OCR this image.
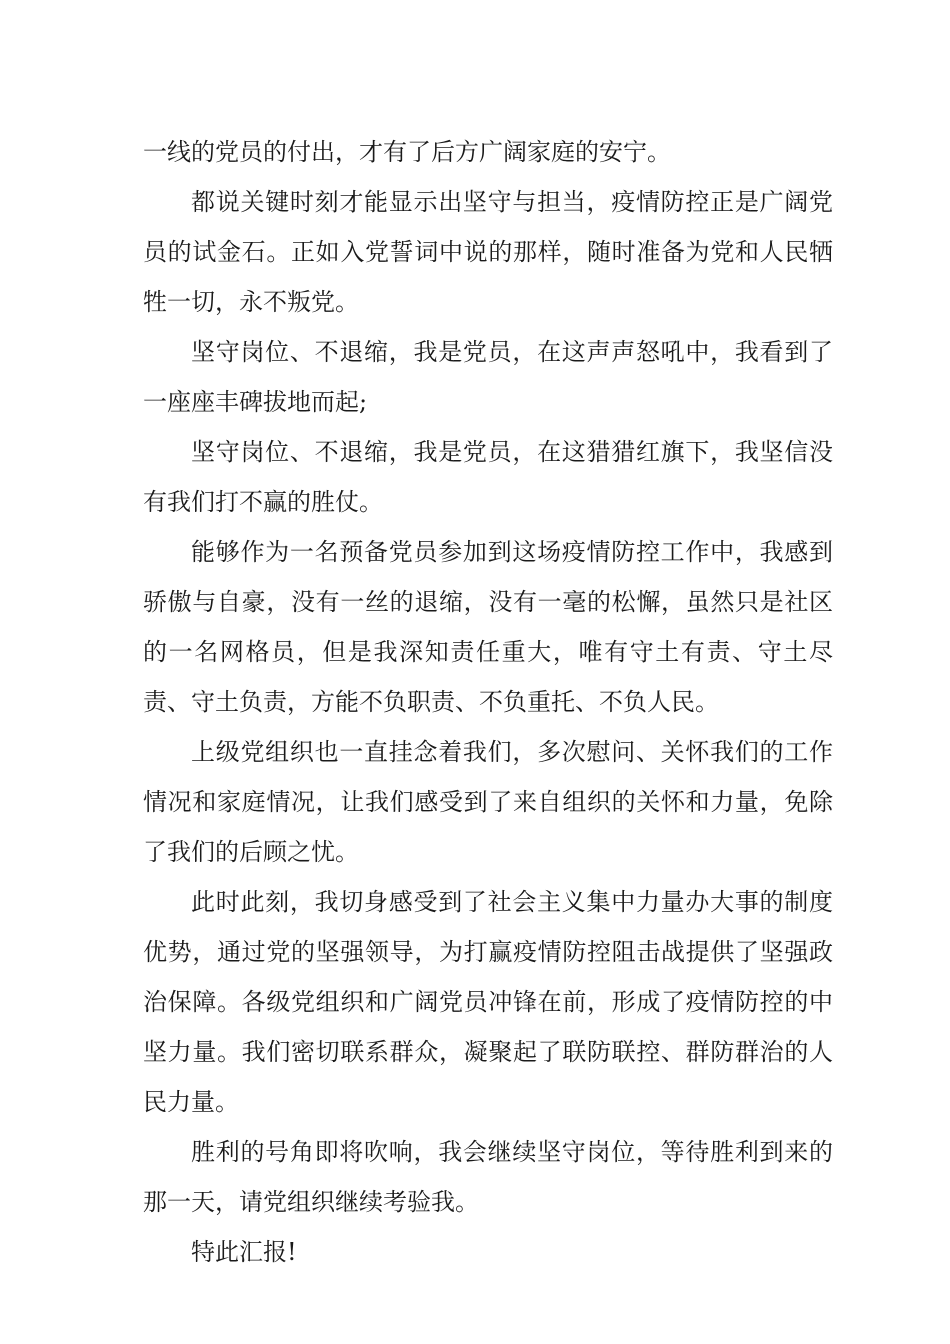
一线的党员的付出，才有了后方广阔家庭的安宁。

都说关键时刻才能显示出坚守与担当，疫情防控正是广阔党员的试金石。正如入党誓词中说的那样，随时准备为党和人民牺牲一切，永不叛党。

坚守岗位、不退缩，我是党员，在这声声怒吼中，我看到了一座座丰碑拔地而起;

坚守岗位、不退缩，我是党员，在这猎猎红旗下，我坚信没有我们打不赢的胜仗。

能够作为一名预备党员参加到这场疫情防控工作中，我感到骄傲与自豪，没有一丝的退缩，没有一毫的松懈，虽然只是社区的一名网格员，但是我深知责任重大，唯有守土有责、守土尽责、守土负责，方能不负职责、不负重托、不负人民。

上级党组织也一直挂念着我们，多次慰问、关怀我们的工作情况和家庭情况，让我们感受到了来自组织的关怀和力量，免除了我们的后顾之忧。

此时此刻，我切身感受到了社会主义集中力量办大事的制度优势，通过党的坚强领导，为打赢疫情防控阻击战提供了坚强政治保障。各级党组织和广阔党员冲锋在前，形成了疫情防控的中坚力量。我们密切联系群众，凝聚起了联防联控、群防群治的人民力量。

胜利的号角即将吹响，我会继续坚守岗位，等待胜利到来的那一天，请党组织继续考验我。

特此汇报!
